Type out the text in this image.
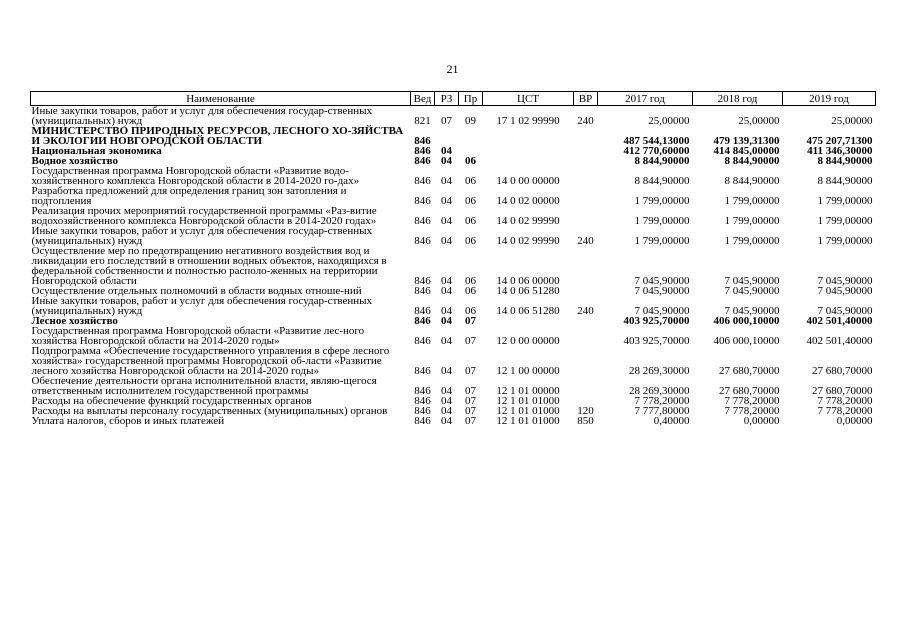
21
Наименование	Вед	РЗ	Пр	ЦСТ	ВР	2017 год	2018 год	2019 год
Иные закупки товаров, работ и услуг для обеспечения государ-ственных (муниципальных) нужд	821	07	09	17 1 02 99990	240	25,00000	25,00000	25,00000
МИНИСТЕРСТВО ПРИРОДНЫХ РЕСУРСОВ, ЛЕСНОГО ХО-ЗЯЙСТВА И ЭКОЛОГИИ НОВГОРОДСКОЙ ОБЛАСТИ	846					487 544,13000	479 139,31300	475 207,71300
Национальная экономика	846	04				412 770,60000	414 845,00000	411 346,30000
Водное хозяйство	846	04	06			8 844,90000	8 844,90000	8 844,90000
Государственная программа Новгородской области «Развитие водо-хозяйственного комплекса Новгородской области в 2014-2020 го-дах»	846	04	06	14 0 00 00000		8 844,90000	8 844,90000	8 844,90000
Разработка предложений для определения границ зон затопления и подтопления	846	04	06	14 0 02 00000		1 799,00000	1 799,00000	1 799,00000
Реализация прочих мероприятий государственной программы «Раз-витие водохозяйственного комплекса Новгородской области в 2014-2020 годах»	846	04	06	14 0 02 99990		1 799,00000	1 799,00000	1 799,00000
Иные закупки товаров, работ и услуг для обеспечения государ-ственных (муниципальных) нужд	846	04	06	14 0 02 99990	240	1 799,00000	1 799,00000	1 799,00000
Осуществление мер по предотвращению негативного воздействия вод и ликвидации его последствий в отношении водных объектов, находящихся в федеральной собственности и полностью располо-женных на территории Новгородской области	846	04	06	14 0 06 00000		7 045,90000	7 045,90000	7 045,90000
Осуществление отдельных полномочий в области водных отноше-ний	846	04	06	14 0 06 51280		7 045,90000	7 045,90000	7 045,90000
Иные закупки товаров, работ и услуг для обеспечения государ-ственных (муниципальных) нужд	846	04	06	14 0 06 51280	240	7 045,90000	7 045,90000	7 045,90000
Лесное хозяйство	846	04	07			403 925,70000	406 000,10000	402 501,40000
Государственная программа Новгородской области «Развитие лес-ного хозяйства Новгородской области на 2014-2020 годы»	846	04	07	12 0 00 00000		403 925,70000	406 000,10000	402 501,40000
Подпрограмма «Обеспечение государственного управления в сфере лесного хозяйства» государственной программы Новгородской об-ласти «Развитие лесного хозяйства Новгородской области на 2014-2020 годы»	846	04	07	12 1 00 00000		28 269,30000	27 680,70000	27 680,70000
Обеспечение деятельности органа исполнительной власти, являю-щегося ответственным исполнителем государственной программы	846	04	07	12 1 01 00000		28 269,30000	27 680,70000	27 680,70000
Расходы на обеспечение функций государственных органов	846	04	07	12 1 01 01000		7 778,20000	7 778,20000	7 778,20000
Расходы на выплаты персоналу государственных (муниципальных) органов	846	04	07	12 1 01 01000	120	7 777,80000	7 778,20000	7 778,20000
Уплата налогов, сборов и иных платежей	846	04	07	12 1 01 01000	850	0,40000	0,00000	0,00000
